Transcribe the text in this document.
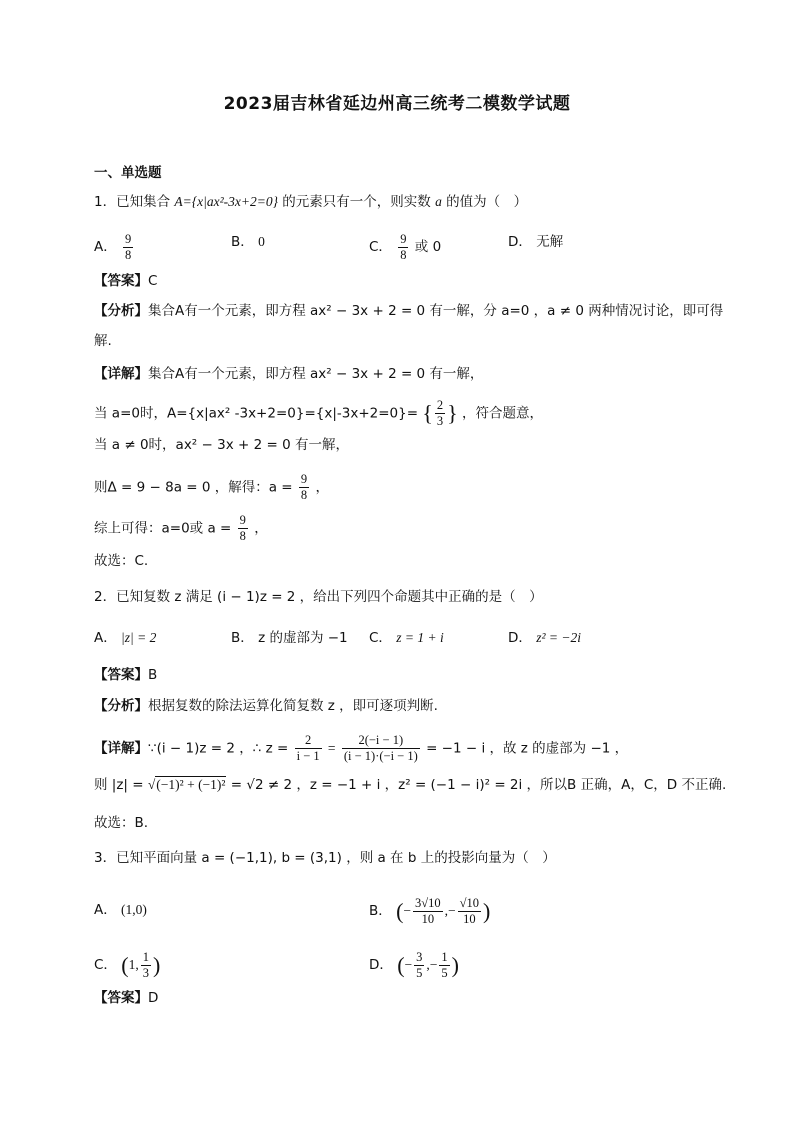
2023届吉林省延边州高三统考二模数学试题
一、单选题
1．已知集合 A={x|ax²-3x+2=0} 的元素只有一个，则实数 a 的值为（　）
A． $\frac{9}{8}$	B． 0	C． $\frac{9}{8}$ 或 0	D． 无解
【答案】C
【分析】集合A有一个元素，即方程 ax² − 3x + 2 = 0 有一解，分 a=0 ，a ≠ 0 两种情况讨论，即可得
解.
【详解】集合A有一个元素，即方程 ax² − 3x + 2 = 0 有一解，
当 a=0时，A={x|ax² -3x+2=0}={x|-3x+2=0}= { $\frac{2}{3}$ } ，符合题意，
当 a ≠ 0时，ax² − 3x + 2 = 0 有一解，
则Δ = 9 − 8a = 0 ，解得：$a = \frac{9}{8}$ ，
综上可得：a=0或 $a = \frac{9}{8}$ ，
故选：C.
2．已知复数 z 满足 (i − 1)z = 2 ，给出下列四个命题其中正确的是（　）
A． |z| = 2	B． z 的虚部为 −1 C． z = 1 + i	D． z² = −2i
【答案】B
【分析】根据复数的除法运算化简复数 z ，即可逐项判断.
【详解】∵(i − 1)z = 2 ，∴ $z = \frac{2}{i - 1} = \frac{2(-i - 1)}{(i - 1)\cdot(-i - 1)} = -1 - i$ ，故 z 的虚部为 −1 ，
则 |z| = √(−1)² + (−1)² = √2 ≠ 2 ，z = −1 + i ，z² = (−1 − i)² = 2i ，所以B 正确，A，C，D 不正确.
故选：B.
3．已知平面向量 a = (−1,1), b = (3,1) ，则 a 在 b 上的投影向量为（　）
A． (1,0)	B． (− $\frac{3√10}{10}$ ,− $\frac{√10}{10}$ )
C． (1, $\frac{1}{3}$ )	D． (− $\frac{3}{5}$ ,− $\frac{1}{5}$ )
【答案】D
